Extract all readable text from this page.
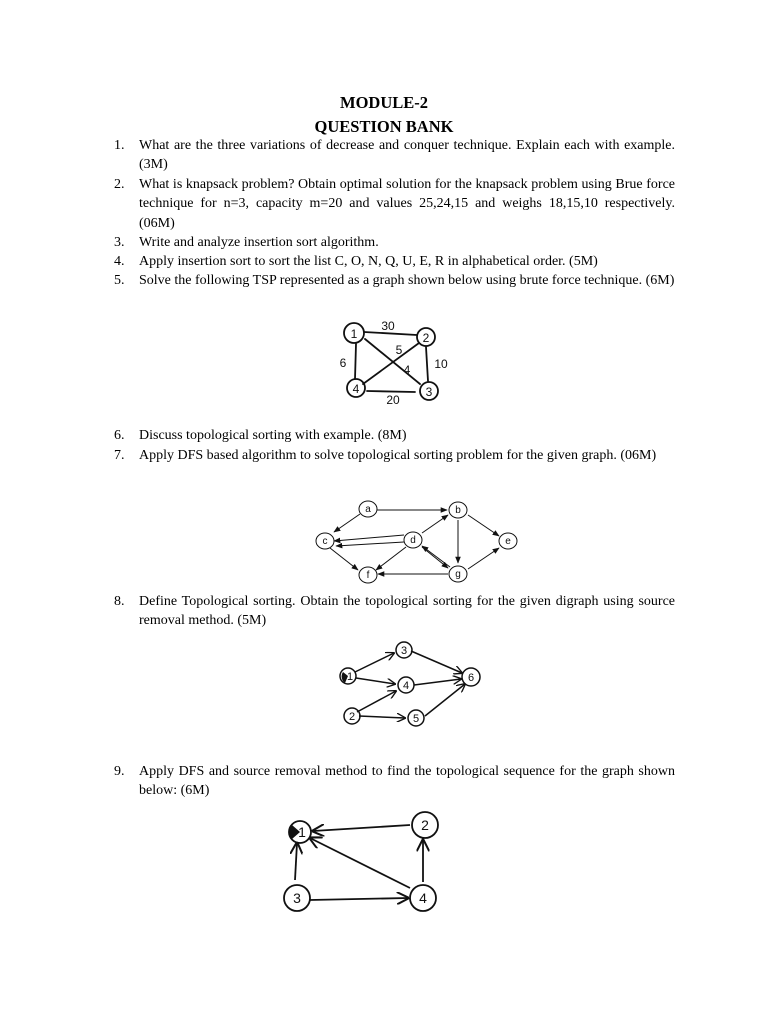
MODULE-2
QUESTION BANK
1. What are the three variations of decrease and conquer technique. Explain each with example. (3M)
2. What is knapsack problem? Obtain optimal solution for the knapsack problem using Brue force technique for n=3, capacity m=20 and values 25,24,15 and weighs 18,15,10 respectively. (06M)
3. Write and analyze insertion sort algorithm.
4. Apply insertion sort to sort the list C, O, N, Q, U, E, R in alphabetical order. (5M)
5. Solve the following TSP represented as a graph shown below using brute force technique. (6M)
1	2
3
4
30
5
4
6	10
20
6. Discuss topological sorting with example. (8M)
7. Apply DFS based algorithm to solve topological sorting problem for the given graph. (06M)
a	b
c	d	e
f	g
8. Define Topological sorting. Obtain the topological sorting for the given digraph using source removal method. (5M)
1
2
3
4
5
6
9. Apply DFS and source removal method to find the topological sequence for the graph shown below: (6M)
1	2
3	4
